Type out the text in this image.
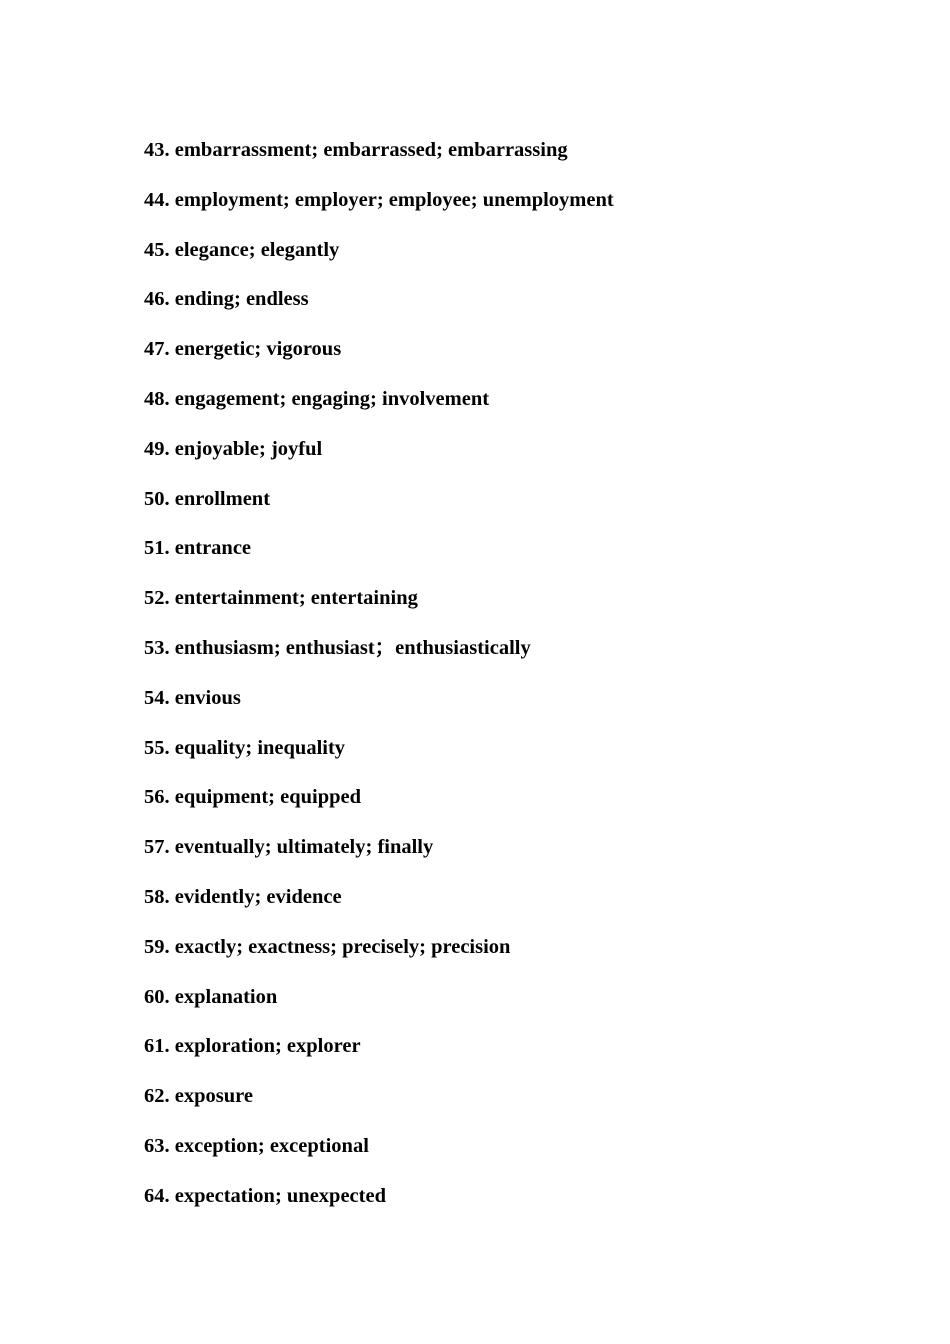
43. embarrassment; embarrassed; embarrassing
44. employment; employer; employee; unemployment
45. elegance; elegantly
46. ending; endless
47. energetic; vigorous
48. engagement; engaging; involvement
49. enjoyable; joyful
50. enrollment
51. entrance
52. entertainment; entertaining
53. enthusiasm; enthusiast；enthusiastically
54. envious
55. equality; inequality
56. equipment; equipped
57. eventually; ultimately; finally
58. evidently; evidence
59. exactly; exactness; precisely; precision
60. explanation
61. exploration; explorer
62. exposure
63. exception; exceptional
64. expectation; unexpected
